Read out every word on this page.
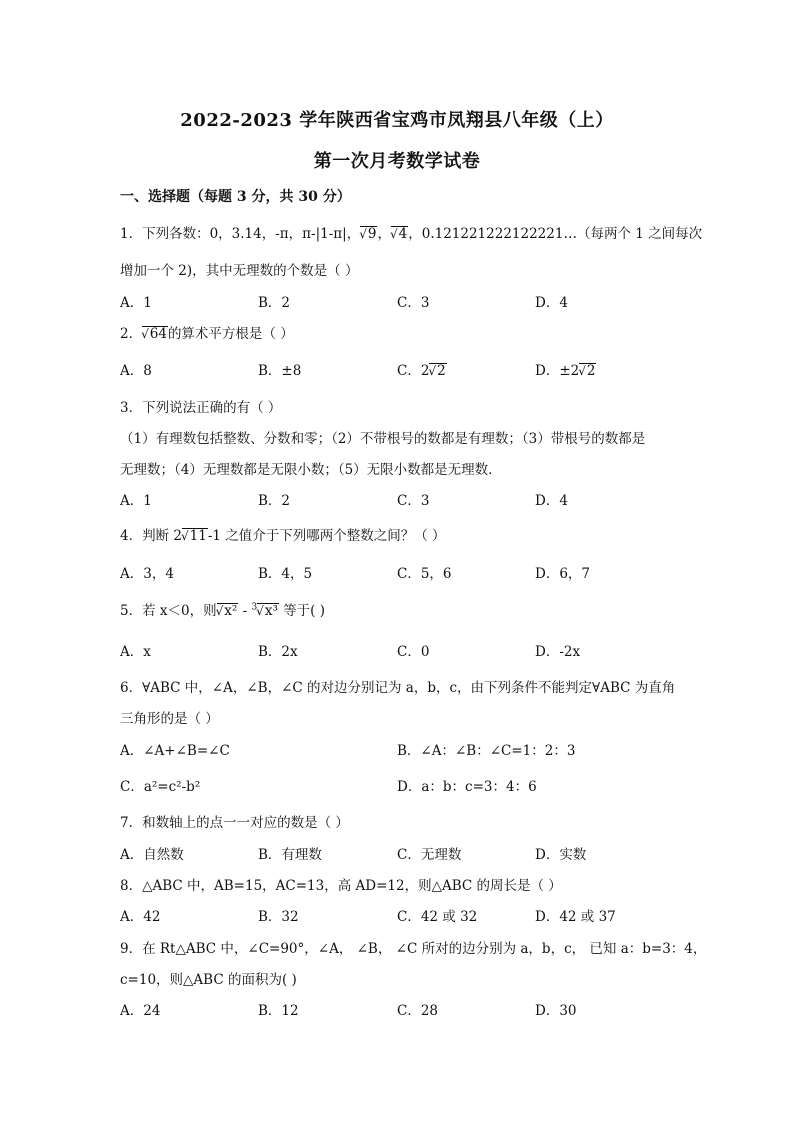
2022-2023 学年陕西省宝鸡市凤翔县八年级（上）
第一次月考数学试卷
一、选择题（每题 3 分，共 30 分）
1．下列各数：0，3.14，-π，π-|1-π|， √ 9， √ 4，0.121221222122221…（每两个 1 之间每次
增加一个 2)，其中无理数的个数是（ ）
A．1	B．2	C．3	D．4
2． √ 64的算术平方根是（ ）
A．8	B．±8	C．2 √ 2	D．±2 √ 2
3．下列说法正确的有（ ）
（1）有理数包括整数、分数和零；（2）不带根号的数都是有理数；（3）带根号的数都是
无理数；（4）无理数都是无限小数；（5）无限小数都是无理数．
A．1	B．2	C．3	D．4
4．判断 2 √ 11-1 之值介于下列哪两个整数之间？（ ）
A．3，4	B．4，5	C．5，6	D．6，7
5．若 x＜0，则 √ x² - $^3$ √ x³ 等于( )
A．x	B．2x	C．0	D．-2x
6．∀ABC 中，∠A，∠B，∠C 的对边分别记为 a，b，c，由下列条件不能判定∀ABC 为直角
三角形的是（ ）
A．∠A+∠B=∠C	B．∠A：∠B：∠C=1：2：3
C．a²=c²-b²	D．a：b：c=3：4：6
7．和数轴上的点一一对应的数是（ ）
A．自然数	B．有理数	C．无理数	D．实数
8．△ABC 中，AB=15，AC=13，高 AD=12，则△ABC 的周长是（ ）
A．42	B．32	C．42 或 32	D．42 或 37
9．在 Rt△ABC 中，∠C=90°，∠A， ∠B， ∠C 所对的边分别为 a，b，c， 已知 a：b=3：4，
c=10，则△ABC 的面积为( )
A．24	B．12	C．28	D．30
